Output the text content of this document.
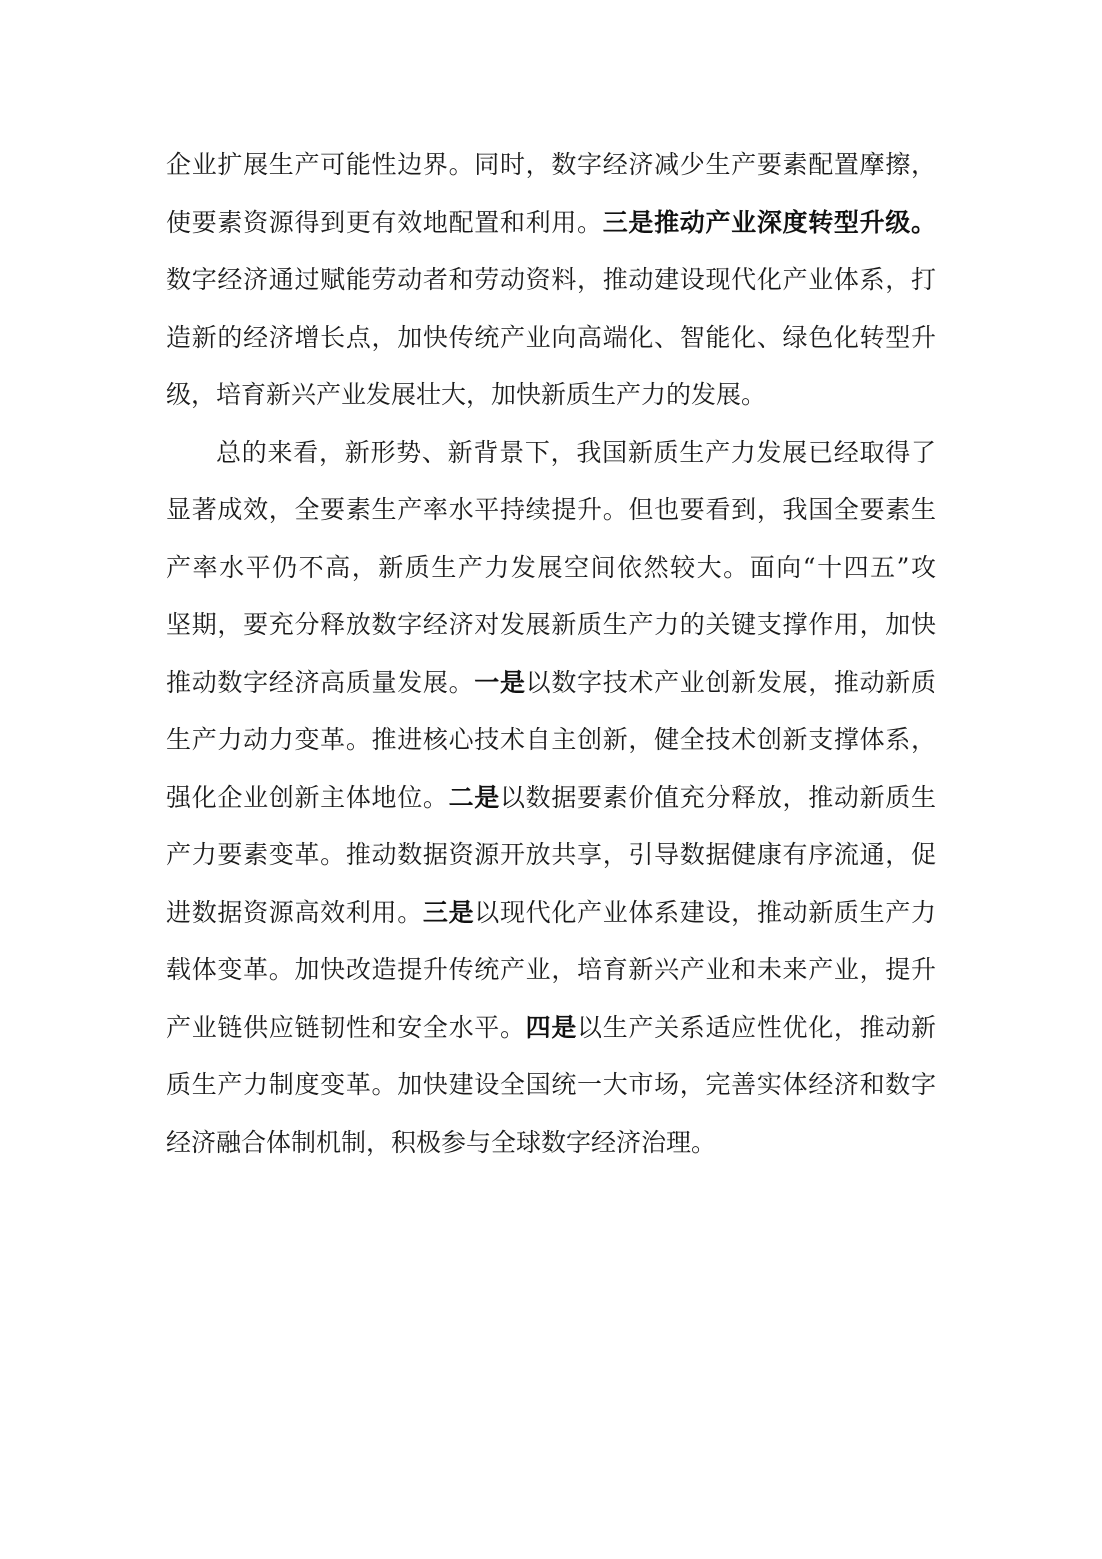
企业扩展生产可能性边界。同时，数字经济减少生产要素配置摩擦，
使要素资源得到更有效地配置和利用。三是推动产业深度转型升级。
数字经济通过赋能劳动者和劳动资料，推动建设现代化产业体系，打
造新的经济增长点，加快传统产业向高端化、智能化、绿色化转型升
级，培育新兴产业发展壮大，加快新质生产力的发展。
总的来看，新形势、新背景下，我国新质生产力发展已经取得了
显著成效，全要素生产率水平持续提升。但也要看到，我国全要素生
产率水平仍不高，新质生产力发展空间依然较大。面向“十四五”攻
坚期，要充分释放数字经济对发展新质生产力的关键支撑作用，加快
推动数字经济高质量发展。一是以数字技术产业创新发展，推动新质
生产力动力变革。推进核心技术自主创新，健全技术创新支撑体系，
强化企业创新主体地位。二是以数据要素价值充分释放，推动新质生
产力要素变革。推动数据资源开放共享，引导数据健康有序流通，促
进数据资源高效利用。三是以现代化产业体系建设，推动新质生产力
载体变革。加快改造提升传统产业，培育新兴产业和未来产业，提升
产业链供应链韧性和安全水平。四是以生产关系适应性优化，推动新
质生产力制度变革。加快建设全国统一大市场，完善实体经济和数字
经济融合体制机制，积极参与全球数字经济治理。
